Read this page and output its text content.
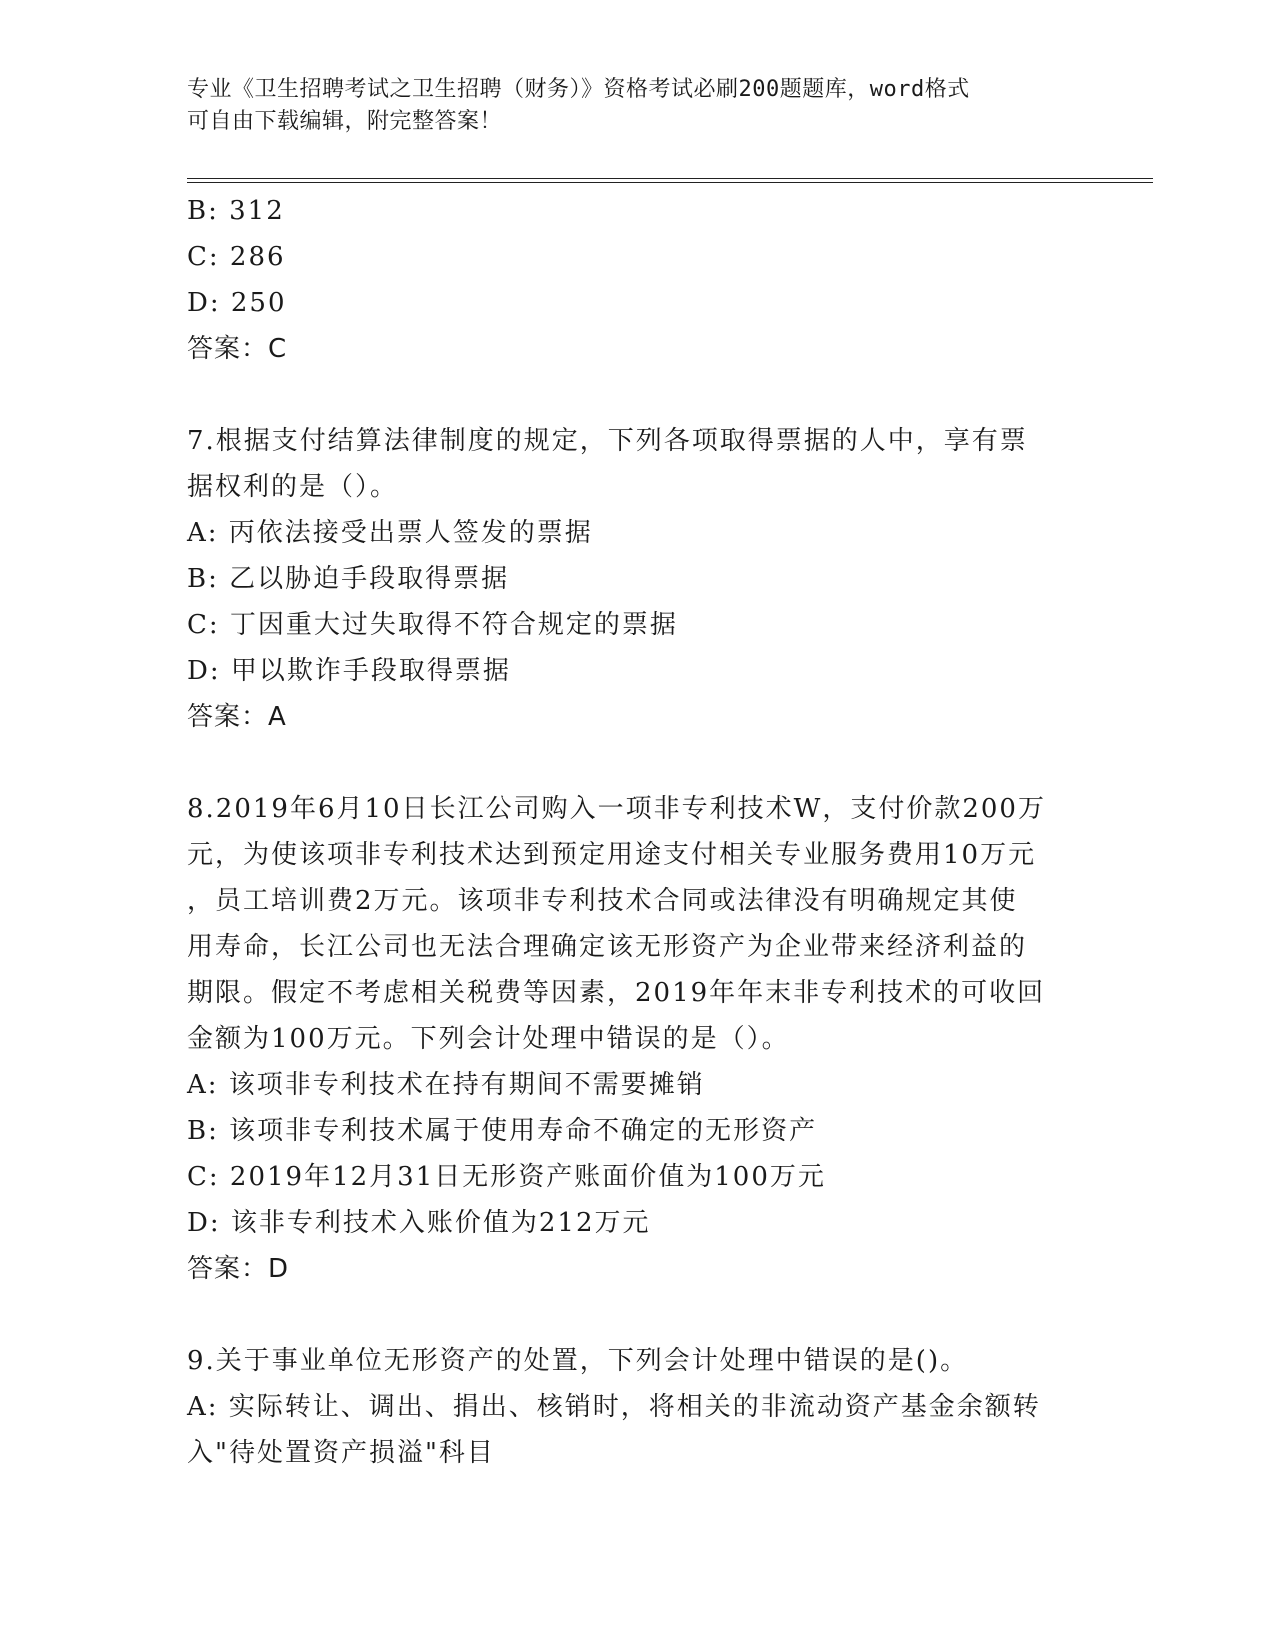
专业《卫生招聘考试之卫生招聘（财务）》资格考试必刷200题题库，word格式
可自由下载编辑，附完整答案！
B: 312
C: 286
D: 250
答案：C
7.根据支付结算法律制度的规定，下列各项取得票据的人中，享有票
据权利的是（）。
A: 丙依法接受出票人签发的票据
B: 乙以胁迫手段取得票据
C: 丁因重大过失取得不符合规定的票据
D: 甲以欺诈手段取得票据
答案：A
8.2019年6月10日长江公司购入一项非专利技术W，支付价款200万
元，为使该项非专利技术达到预定用途支付相关专业服务费用10万元
，员工培训费2万元。该项非专利技术合同或法律没有明确规定其使
用寿命，长江公司也无法合理确定该无形资产为企业带来经济利益的
期限。假定不考虑相关税费等因素，2019年年末非专利技术的可收回
金额为100万元。下列会计处理中错误的是（）。
A: 该项非专利技术在持有期间不需要摊销
B: 该项非专利技术属于使用寿命不确定的无形资产
C: 2019年12月31日无形资产账面价值为100万元
D: 该非专利技术入账价值为212万元
答案：D
9.关于事业单位无形资产的处置，下列会计处理中错误的是()。
A: 实际转让、调出、捐出、核销时，将相关的非流动资产基金余额转
入"待处置资产损溢"科目
